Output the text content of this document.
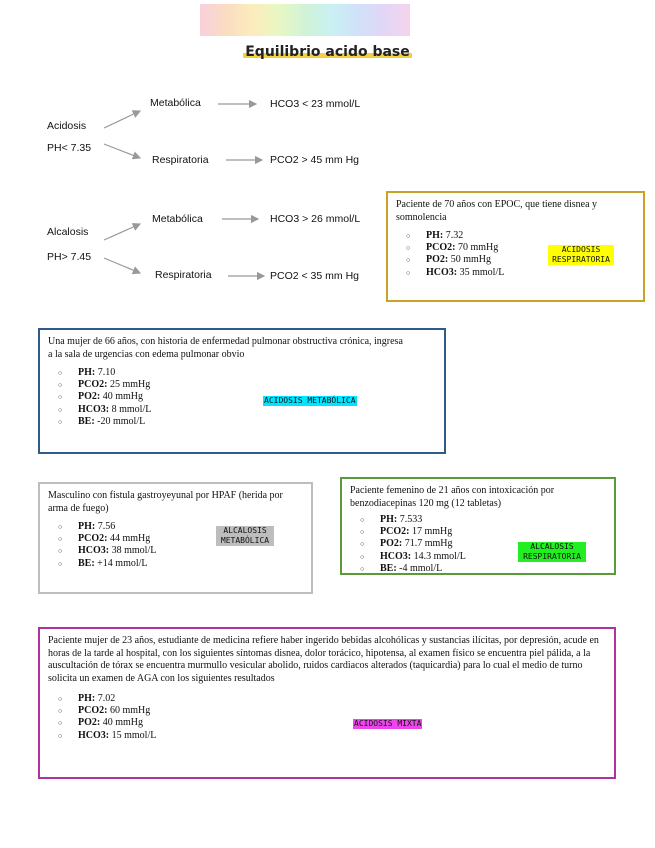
Equilibrio acido base
Acidosis
PH< 7.35
Metabólica	HCO3 < 23 mmol/L
Respiratoria	PCO2 > 45 mm Hg
Alcalosis
PH> 7.45
Metabólica	HCO3 > 26 mmol/L
Respiratoria	PCO2 < 35 mm Hg

Paciente de 70 años con EPOC, que tiene disnea y somnolencia

○ PH: 7.32
○ PCO2: 70 mmHg
○ PO2: 50 mmHg
○ HCO3: 35 mmol/L
ACIDOSIS RESPIRATORIA

Una mujer de 66 años, con historia de enfermedad pulmonar obstructiva crónica, ingresa a la sala de urgencias con edema pulmonar obvio

○ PH: 7.10
○ PCO2: 25 mmHg
○ PO2: 40 mmHg
○ HCO3: 8 mmol/L
○ BE: -20 mmol/L
ACIDOSIS METABÓLICA

Masculino con fistula gastroyeyunal por HPAF (herida por arma de fuego)

○ PH: 7.56
○ PCO2: 44 mmHg
○ HCO3: 38 mmol/L
○ BE: +14 mmol/L
ALCALOSIS METABÓLICA

Paciente femenino de 21 años con intoxicación por benzodiacepinas 120 mg (12 tabletas)

○ PH: 7.533
○ PCO2: 17 mmHg
○ PO2: 71.7 mmHg
○ HCO3: 14.3 mmol/L
○ BE: -4 mmol/L
ALCALOSIS RESPIRATORIA

Paciente mujer de 23 años, estudiante de medicina refiere haber ingerido bebidas alcohólicas y sustancias ilícitas, por depresión, acude en horas de la tarde al hospital, con los siguientes síntomas disnea, dolor torácico, hipotensa, al examen físico se encuentra piel pálida, a la auscultación de tórax se encuentra murmullo vesicular abolido, ruidos cardiacos alterados (taquicardia) para lo cual el medio de turno solicita un examen de AGA con los siguientes resultados

○ PH: 7.02
○ PCO2: 60 mmHg
○ PO2: 40 mmHg
○ HCO3: 15 mmol/L
ACIDOSIS MIXTA
